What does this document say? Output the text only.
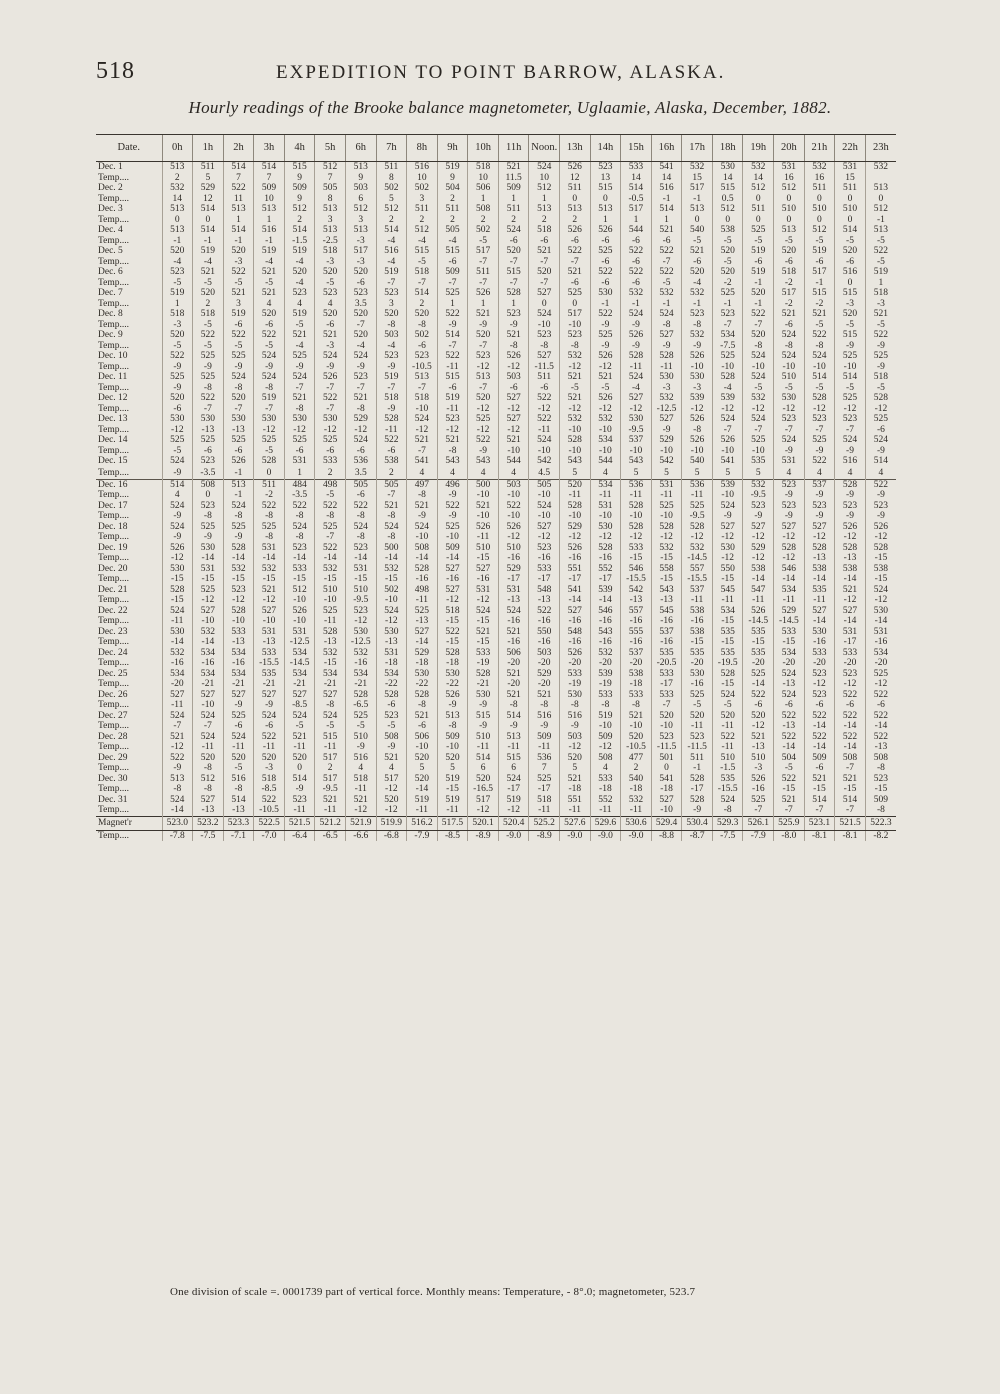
518	EXPEDITION TO POINT BARROW, ALASKA.
Hourly readings of the Brooke balance magnetometer, Uglaamie, Alaska, December, 1882.
Date.	0h	1h	2h	3h	4h	5h	6h	7h	8h	9h	10h	11h	Noon.	13h	14h	15h	16h	17h	18h	19h	20h	21h	22h	23h
Dec. 1	513	511	514	514	515	512	513	511	516	519	518	521	524	526	523	533	541	532	530	532	531	532	531	532
Temp....	2	5	7	7	9	7	9	8	10	9	10	11.5	10	12	13	14	14	15	14	14	16	16	15	
Dec. 2	532	529	522	509	509	505	503	502	502	504	506	509	512	511	515	514	516	517	515	512	512	511	511	513
Temp....	14	12	11	10	9	8	6	5	3	2	1	1	1	0	0	-0.5	-1	-1	0.5	0	0	0	0	0
Dec. 3	513	514	513	513	512	513	512	512	511	511	508	511	513	513	513	517	514	513	512	511	510	510	510	512
Temp....	0	0	1	1	2	3	3	2	2	2	2	2	2	2	1	1	1	0	0	0	0	0	0	-1
Dec. 4	513	514	514	516	514	513	513	514	512	505	502	524	518	526	526	544	521	540	538	525	513	512	514	513
Temp....	-1	-1	-1	-1	-1.5	-2.5	-3	-4	-4	-4	-5	-6	-6	-6	-6	-6	-6	-5	-5	-5	-5	-5	-5	-5
Dec. 5	520	519	520	519	519	518	517	516	515	515	517	520	521	522	525	522	522	521	520	519	520	519	520	522
Temp....	-4	-4	-3	-4	-4	-3	-3	-4	-5	-6	-7	-7	-7	-7	-6	-6	-7	-6	-5	-6	-6	-6	-6	-5
Dec. 6	523	521	522	521	520	520	520	519	518	509	511	515	520	521	522	522	522	520	520	519	518	517	516	519
Temp....	-5	-5	-5	-5	-4	-5	-6	-7	-7	-7	-7	-7	-7	-6	-6	-6	-5	-4	-2	-1	-2	-1	0	1
Dec. 7	519	520	521	521	523	523	523	523	514	525	526	528	527	525	530	532	532	532	525	520	517	515	515	518
Temp....	1	2	3	4	4	4	3.5	3	2	1	1	1	0	0	-1	-1	-1	-1	-1	-1	-2	-2	-3	-3
Dec. 8	518	518	519	520	519	520	520	520	520	522	521	523	524	517	522	524	524	523	523	522	521	521	520	521
Temp....	-3	-5	-6	-6	-5	-6	-7	-8	-8	-9	-9	-9	-10	-10	-9	-9	-8	-8	-7	-7	-6	-5	-5	-5
Dec. 9	520	522	522	522	521	521	520	503	502	514	520	521	523	523	525	526	527	532	534	520	524	522	515	522
Temp....	-5	-5	-5	-5	-4	-3	-4	-4	-6	-7	-7	-8	-8	-8	-9	-9	-9	-9	-7.5	-8	-8	-8	-9	-9
Dec. 10	522	525	525	524	525	524	524	523	523	522	523	526	527	532	526	528	528	526	525	524	524	524	525	525
Temp....	-9	-9	-9	-9	-9	-9	-9	-9	-10.5	-11	-12	-12	-11.5	-12	-12	-11	-11	-10	-10	-10	-10	-10	-10	-9
Dec. 11	525	525	524	524	524	526	523	519	513	515	513	503	511	521	521	524	530	530	528	524	510	514	514	518
Temp....	-9	-8	-8	-8	-7	-7	-7	-7	-7	-6	-7	-6	-6	-5	-5	-4	-3	-3	-4	-5	-5	-5	-5	-5
Dec. 12	520	522	520	519	521	522	521	518	518	519	520	527	522	521	526	527	532	539	539	532	530	528	525	528
Temp....	-6	-7	-7	-7	-8	-7	-8	-9	-10	-11	-12	-12	-12	-12	-12	-12	-12.5	-12	-12	-12	-12	-12	-12	-12
Dec. 13	530	530	530	530	530	530	529	528	524	523	525	527	522	532	532	530	527	526	524	524	523	523	523	525
Temp....	-12	-13	-13	-12	-12	-12	-12	-11	-12	-12	-12	-12	-11	-10	-10	-9.5	-9	-8	-7	-7	-7	-7	-7	-6
Dec. 14	525	525	525	525	525	525	524	522	521	521	522	521	524	528	534	537	529	526	526	525	524	525	524	524
Temp....	-5	-6	-6	-5	-6	-6	-6	-6	-7	-8	-9	-10	-10	-10	-10	-10	-10	-10	-10	-10	-9	-9	-9	-9
Dec. 15	524	523	526	528	531	533	536	538	541	543	543	544	542	543	544	543	542	540	541	535	531	522	516	514
Temp....	-9	-3.5	-1	0	1	2	3.5	2	4	4	4	4	4.5	5	4	5	5	5	5	5	4	4	4	4
Dec. 16	514	508	513	511	484	498	505	505	497	496	500	503	505	520	534	536	531	536	539	532	523	537	528	522
Temp....	4	0	-1	-2	-3.5	-5	-6	-7	-8	-9	-10	-10	-10	-11	-11	-11	-11	-11	-10	-9.5	-9	-9	-9	-9
Dec. 17	524	523	524	522	522	522	522	521	521	522	521	522	524	528	531	528	525	525	524	523	523	523	523	523
Temp....	-9	-8	-8	-8	-8	-8	-8	-8	-9	-9	-10	-10	-10	-10	-10	-10	-10	-9.5	-9	-9	-9	-9	-9	-9
Dec. 18	524	525	525	525	524	525	524	524	524	525	526	526	527	529	530	528	528	528	527	527	527	527	526	526
Temp....	-9	-9	-9	-8	-8	-7	-8	-8	-10	-10	-11	-12	-12	-12	-12	-12	-12	-12	-12	-12	-12	-12	-12	-12
Dec. 19	526	530	528	531	523	522	523	500	508	509	510	510	523	526	528	533	532	532	530	529	528	528	528	528
Temp....	-12	-14	-14	-14	-14	-14	-14	-14	-14	-14	-15	-16	-16	-16	-16	-15	-15	-14.5	-12	-12	-12	-13	-13	-15
Dec. 20	530	531	532	532	533	532	531	532	528	527	527	529	533	551	552	546	558	557	550	538	546	538	538	538
Temp....	-15	-15	-15	-15	-15	-15	-15	-15	-16	-16	-16	-17	-17	-17	-17	-15.5	-15	-15.5	-15	-14	-14	-14	-14	-15
Dec. 21	528	525	523	521	512	510	510	502	498	527	531	531	548	541	539	542	543	537	545	547	534	535	521	524
Temp....	-15	-12	-12	-12	-10	-10	-9.5	-10	-11	-12	-12	-13	-13	-14	-14	-13	-13	-11	-11	-11	-11	-11	-12	-12
Dec. 22	524	527	528	527	526	525	523	524	525	518	524	524	522	527	546	557	545	538	534	526	529	527	527	530
Temp....	-11	-10	-10	-10	-10	-11	-12	-12	-13	-15	-15	-16	-16	-16	-16	-16	-16	-16	-15	-14.5	-14.5	-14	-14	-14
Dec. 23	530	532	533	531	531	528	530	530	527	522	521	521	550	548	543	555	537	538	535	535	533	530	531	531
Temp....	-14	-14	-13	-13	-12.5	-13	-12.5	-13	-14	-15	-15	-16	-16	-16	-16	-16	-16	-15	-15	-15	-15	-16	-17	-16
Dec. 24	532	534	534	533	534	532	532	531	529	528	533	506	503	526	532	537	535	535	535	535	534	533	533	534
Temp....	-16	-16	-16	-15.5	-14.5	-15	-16	-18	-18	-18	-19	-20	-20	-20	-20	-20	-20.5	-20	-19.5	-20	-20	-20	-20	-20
Dec. 25	534	534	534	535	534	534	534	534	530	530	528	521	529	533	539	538	533	530	528	525	524	523	523	525
Temp....	-20	-21	-21	-21	-21	-21	-21	-22	-22	-22	-21	-20	-20	-19	-19	-18	-17	-16	-15	-14	-13	-12	-12	-12
Dec. 26	527	527	527	527	527	527	528	528	528	526	530	521	521	530	533	533	533	525	524	522	524	523	522	522
Temp....	-11	-10	-9	-9	-8.5	-8	-6.5	-6	-8	-9	-9	-8	-8	-8	-8	-8	-7	-5	-5	-6	-6	-6	-6	-6
Dec. 27	524	524	525	524	524	524	525	523	521	513	515	514	516	516	519	521	520	520	520	520	522	522	522	522
Temp....	-7	-7	-6	-6	-5	-5	-5	-5	-6	-8	-9	-9	-9	-9	-10	-10	-10	-11	-11	-12	-13	-14	-14	-14
Dec. 28	521	524	524	522	521	515	510	508	506	509	510	513	509	503	509	520	523	523	522	521	522	522	522	522
Temp....	-12	-11	-11	-11	-11	-11	-9	-9	-10	-10	-11	-11	-11	-12	-12	-10.5	-11.5	-11.5	-11	-13	-14	-14	-14	-13
Dec. 29	522	520	520	520	520	517	516	521	520	520	514	515	536	520	508	477	501	511	510	510	504	509	508	508
Temp....	-9	-8	-5	-3	0	2	4	4	5	5	6	6	7	5	4	2	0	-1	-1.5	-3	-5	-6	-7	-8
Dec. 30	513	512	516	518	514	517	518	517	520	519	520	524	525	521	533	540	541	528	535	526	522	521	521	523
Temp....	-8	-8	-8	-8.5	-9	-9.5	-11	-12	-14	-15	-16.5	-17	-17	-18	-18	-18	-18	-17	-15.5	-16	-15	-15	-15	-15
Dec. 31	524	527	514	522	523	521	521	520	519	519	517	519	518	551	552	532	527	528	524	525	521	514	514	509
Temp....	-14	-13	-13	-10.5	-11	-11	-12	-12	-11	-11	-12	-12	-11	-11	-11	-11	-10	-9	-8	-7	-7	-7	-7	-8
Magnet'r	523.0	523.2	523.3	522.5	521.5	521.2	521.9	519.9	516.2	517.5	520.1	520.4	525.2	527.6	529.6	530.6	529.4	530.4	529.3	526.1	525.9	523.1	521.5	522.3
Temp....	-7.8	-7.5	-7.1	-7.0	-6.4	-6.5	-6.6	-6.8	-7.9	-8.5	-8.9	-9.0	-8.9	-9.0	-9.0	-9.0	-8.8	-8.7	-7.5	-7.9	-8.0	-8.1	-8.1	-8.2
One division of scale =. 0001739 part of vertical force. Monthly means: Temperature, - 8°.0; magnetometer, 523.7
